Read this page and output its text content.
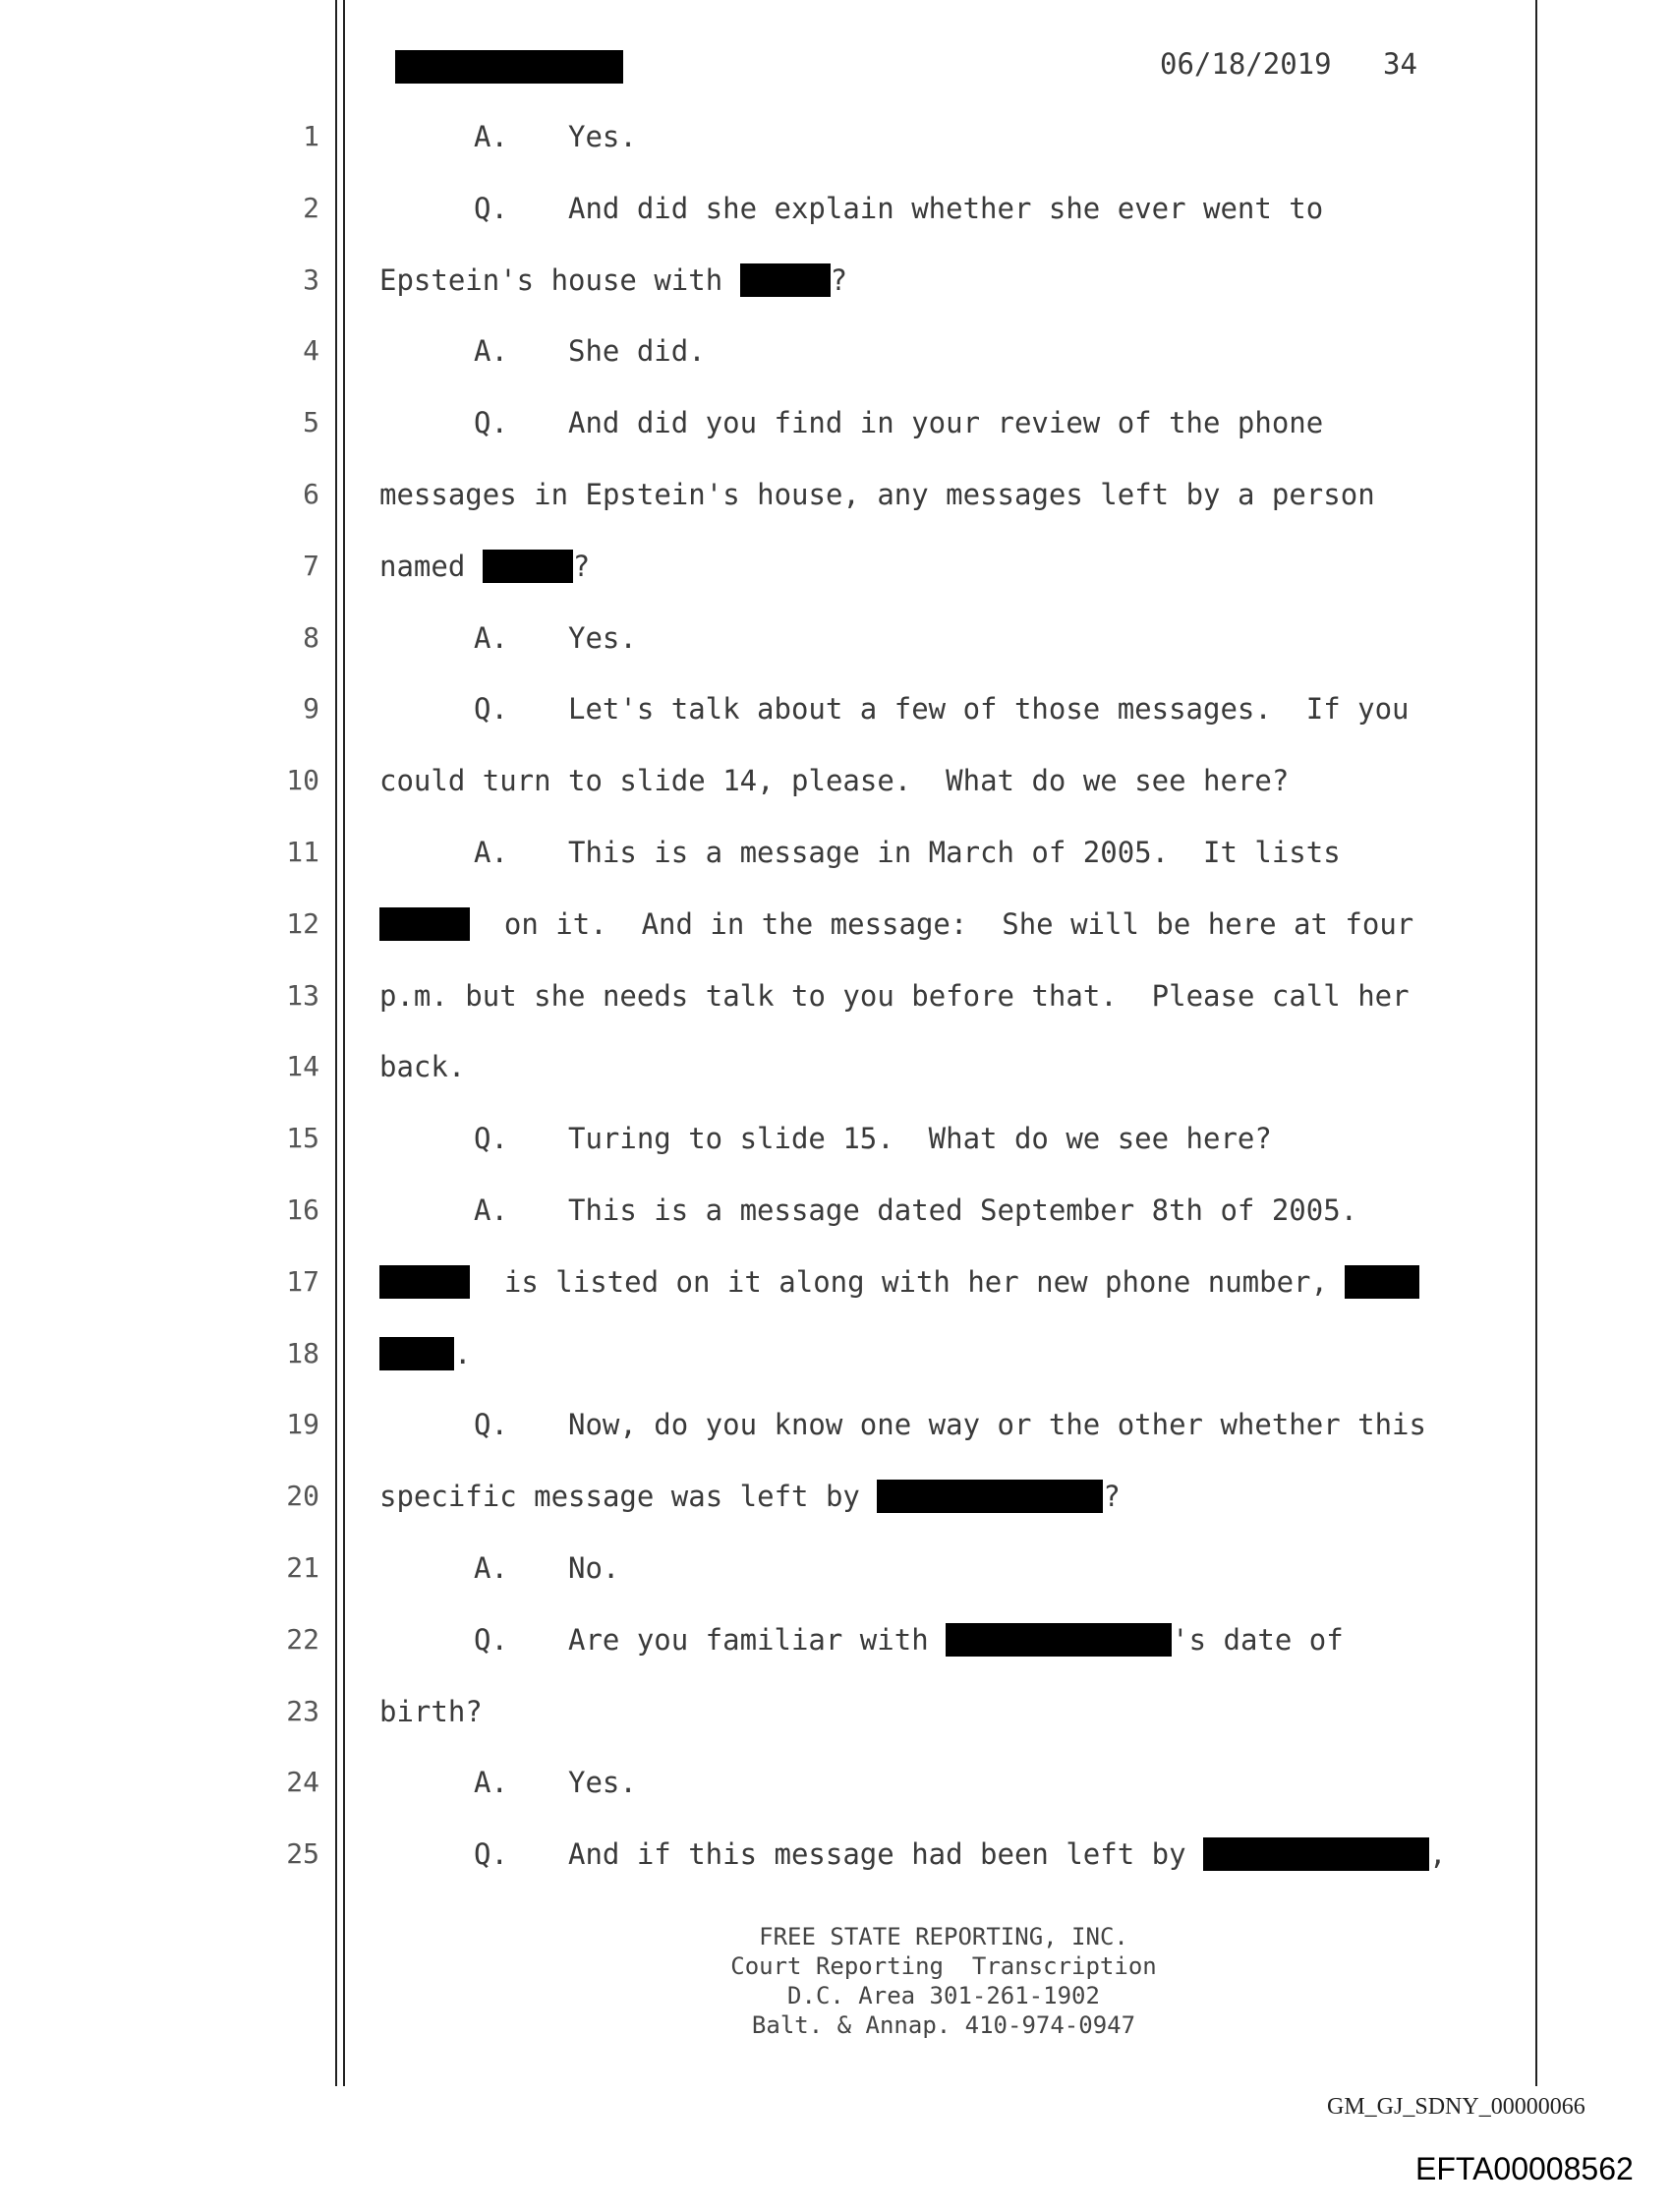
06/18/2019 34
1	A. Yes.
2	Q. And did she explain whether she ever went to
3 Epstein's house with	?
4	A. She did.
5	Q. And did you find in your review of the phone
6 messages in Epstein's house, any messages left by a person
7 named	?
8	A. Yes.
9	Q. Let's talk about a few of those messages.  If you
10 could turn to slide 14, please.  What do we see here?
11	A. This is a message in March of 2005.  It lists
12	on it.  And in the message:  She will be here at four
13 p.m. but she needs talk to you before that.  Please call her
14 back.
15	Q. Turing to slide 15.  What do we see here?
16	A. This is a message dated September 8th of 2005.
17	is listed on it along with her new phone number,
18	.
19	Q. Now, do you know one way or the other whether this
20 specific message was left by	?
21	A. No.
22	Q. Are you familiar with	's date of
23 birth?
24	A. Yes.
25	Q. And if this message had been left by	,
FREE STATE REPORTING, INC.
Court Reporting  Transcription
D.C. Area 301-261-1902
Balt. & Annap. 410-974-0947
GM_GJ_SDNY_00000066
EFTA00008562
